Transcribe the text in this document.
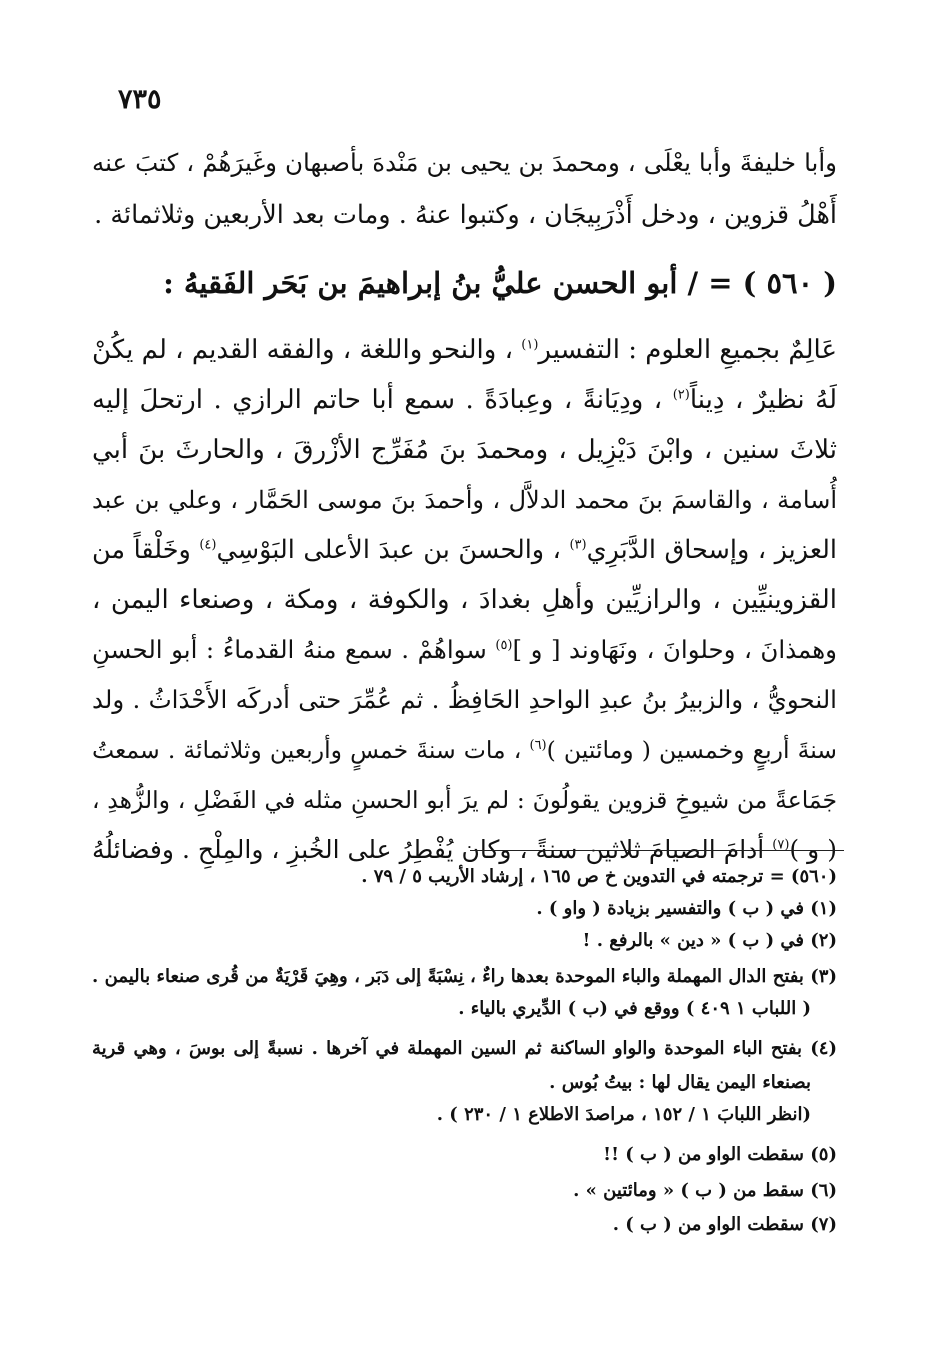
٧٣٥
وأبا خليفةَ وأبا يعْلَى ، ومحمدَ بن يحيى بن مَنْدهَ بأصبهان وغَيرَهُمْ ، كتبَ عنه
أَهْلُ قزوين ، ودخل أَذْرَبِيجَان ، وكتبوا عنهُ . ومات بعد الأربعين وثلاثمائة .
( ٥٦٠ ) = / أبو الحسن عليُّ بنُ إبراهيمَ بن بَحَر الفَقيهُ :
عَالِمٌ بجميعِ العلوم : التفسير$^{(١)}$ ، والنحو واللغة ، والفقه القديم ، لم يكُنْ
لَهُ نظيرٌ ، دِيناً$^{(٢)}$ ، ودِيَانةً ، وعِبادَةً . سمع أبا حاتم الرازي . ارتحلَ إليه
ثلاثَ سنين ، وابْنَ دَيْزِيل ، ومحمدَ بنَ مُفَرِّج الأزْرقَ ، والحارثَ بنَ أبي
أُسامة ، والقاسمَ بنَ محمد الدلاَّل ، وأحمدَ بنَ موسى الحَمَّار ، وعلي بن عبد
العزيز ، وإسحاق الدَّبَرِي$^{(٣)}$ ، والحسنَ بن عبدَ الأعلى البَوْسِي$^{(٤)}$ وخَلْقاً من
القزوينيِّين ، والرازيِّين وأهلِ بغدادَ ، والكوفة ، ومكة ، وصنعاء اليمن ،
وهمذانَ ، وحلوانَ ، ونَهَاوند [ و ]$^{(٥)}$ سواهُمْ . سمع منهُ القدماءُ : أبو الحسنِ
النحويُّ ، والزبيرُ بنُ عبدِ الواحدِ الحَافِظُ . ثم عُمِّرَ حتى أدركَه الأَحْدَاثُ . ولد
سنةَ أربعٍ وخمسين ( ومائتين )$^{(٦)}$ ، مات سنةَ خمسٍ وأربعين وثلاثمائة . سمعتُ
جَمَاعةً من شيوخِ قزوين يقولُونَ : لم يرَ أبو الحسنِ مثله في الفَضْلِ ، والزُّهدِ ،
( و )$^{(٧)}$ أدامَ الصيامَ ثلاثين سنةً ، وكان يُفْطِرُ على الخُبزِ ، والمِلْحِ . وفضائلُهُ
(٥٦٠) = ترجمته في التدوين خ ص ١٦٥ ، إرشاد الأريب ٥ / ٧٩ .
(١) في ( ب ) والتفسير بزيادة ( واو ) .
(٢) في ( ب ) « دين » بالرفع . !
(٣) بفتح الدال المهملة والباء الموحدة بعدها راءٌ ، نِسْبَةً إلى دَبَر ، وهِيَ قَرْيَةٌ من قُرى صنعاء باليمن .
( اللباب ١ ٤٠٩ ) ووقع في (ب ) الدِّيري بالياء .
(٤) بفتح الباء الموحدة والواو الساكنة ثم السين المهملة في آخرها . نسبةً إلى بوسَ ، وهي قرية
بصنعاء اليمن يقال لها : بيتُ بُوس .
(انظر اللبابَ ١ / ١٥٢ ، مراصدَ الاطلاع ١ / ٢٣٠ ) .
(٥) سقطت الواو من ( ب ) !!
(٦) سقط من ( ب ) « ومائتين » .
(٧) سقطت الواو من ( ب ) .
